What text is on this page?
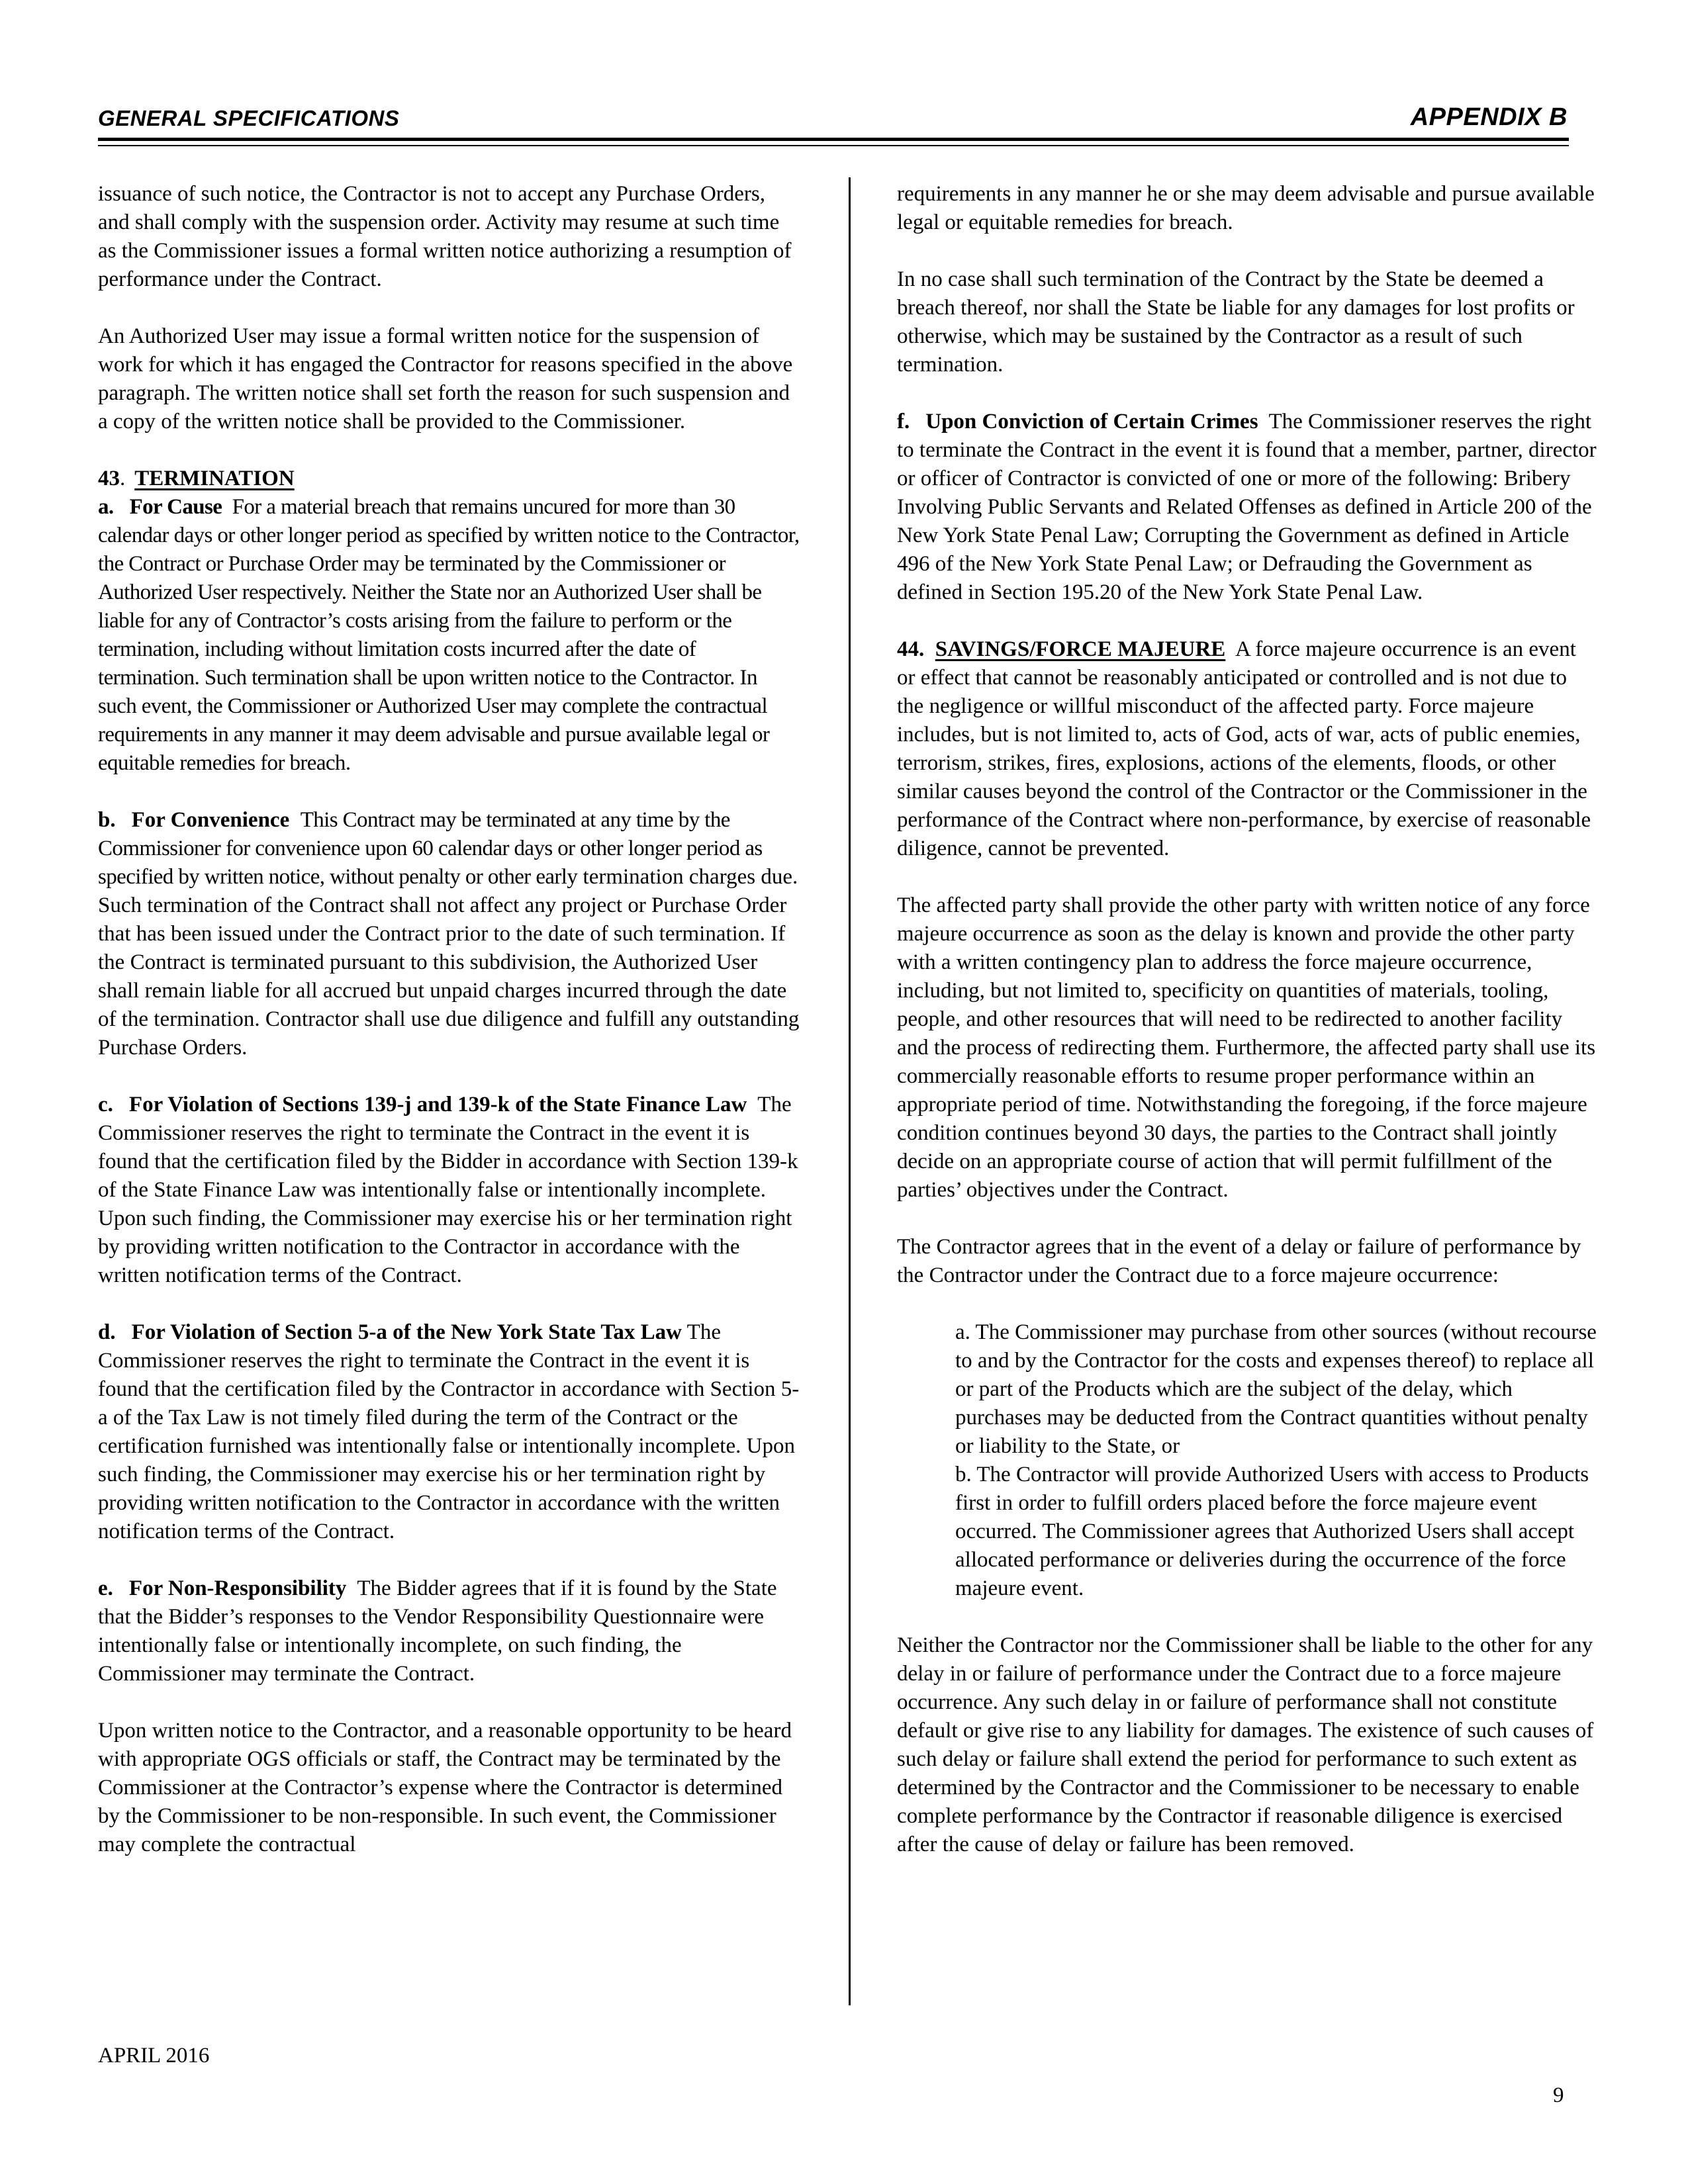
GENERAL SPECIFICATIONS	APPENDIX B

issuance of such notice, the Contractor is not to accept any Purchase Orders, and shall comply with the suspension order. Activity may resume at such time as the Commissioner issues a formal written notice authorizing a resumption of performance under the Contract.

An Authorized User may issue a formal written notice for the suspension of work for which it has engaged the Contractor for reasons specified in the above paragraph. The written notice shall set forth the reason for such suspension and a copy of the written notice shall be provided to the Commissioner.

43. TERMINATION

a. For Cause For a material breach that remains uncured for more than 30 calendar days or other longer period as specified by written notice to the Contractor, the Contract or Purchase Order may be terminated by the Commissioner or Authorized User respectively. Neither the State nor an Authorized User shall be liable for any of Contractor’s costs arising from the failure to perform or the termination, including without limitation costs incurred after the date of termination. Such termination shall be upon written notice to the Contractor. In such event, the Commissioner or Authorized User may complete the contractual requirements in any manner it may deem advisable and pursue available legal or equitable remedies for breach.

b. For Convenience This Contract may be terminated at any time by the Commissioner for convenience upon 60 calendar days or other longer period as specified by written notice, without penalty or other early termination charges due. Such termination of the Contract shall not affect any project or Purchase Order that has been issued under the Contract prior to the date of such termination. If the Contract is terminated pursuant to this subdivision, the Authorized User shall remain liable for all accrued but unpaid charges incurred through the date of the termination. Contractor shall use due diligence and fulfill any outstanding Purchase Orders.

c. For Violation of Sections 139-j and 139-k of the State Finance Law The Commissioner reserves the right to terminate the Contract in the event it is found that the certification filed by the Bidder in accordance with Section 139-k of the State Finance Law was intentionally false or intentionally incomplete. Upon such finding, the Commissioner may exercise his or her termination right by providing written notification to the Contractor in accordance with the written notification terms of the Contract.

d. For Violation of Section 5-a of the New York State Tax Law The Commissioner reserves the right to terminate the Contract in the event it is found that the certification filed by the Contractor in accordance with Section 5-a of the Tax Law is not timely filed during the term of the Contract or the certification furnished was intentionally false or intentionally incomplete. Upon such finding, the Commissioner may exercise his or her termination right by providing written notification to the Contractor in accordance with the written notification terms of the Contract.

e. For Non-Responsibility The Bidder agrees that if it is found by the State that the Bidder’s responses to the Vendor Responsibility Questionnaire were intentionally false or intentionally incomplete, on such finding, the Commissioner may terminate the Contract.

Upon written notice to the Contractor, and a reasonable opportunity to be heard with appropriate OGS officials or staff, the Contract may be terminated by the Commissioner at the Contractor’s expense where the Contractor is determined by the Commissioner to be non-responsible. In such event, the Commissioner may complete the contractual

requirements in any manner he or she may deem advisable and pursue available legal or equitable remedies for breach.

In no case shall such termination of the Contract by the State be deemed a breach thereof, nor shall the State be liable for any damages for lost profits or otherwise, which may be sustained by the Contractor as a result of such termination.

f. Upon Conviction of Certain Crimes The Commissioner reserves the right to terminate the Contract in the event it is found that a member, partner, director or officer of Contractor is convicted of one or more of the following: Bribery Involving Public Servants and Related Offenses as defined in Article 200 of the New York State Penal Law; Corrupting the Government as defined in Article 496 of the New York State Penal Law; or Defrauding the Government as defined in Section 195.20 of the New York State Penal Law.

44. SAVINGS/FORCE MAJEURE A force majeure occurrence is an event or effect that cannot be reasonably anticipated or controlled and is not due to the negligence or willful misconduct of the affected party. Force majeure includes, but is not limited to, acts of God, acts of war, acts of public enemies, terrorism, strikes, fires, explosions, actions of the elements, floods, or other similar causes beyond the control of the Contractor or the Commissioner in the performance of the Contract where non-performance, by exercise of reasonable diligence, cannot be prevented.

The affected party shall provide the other party with written notice of any force majeure occurrence as soon as the delay is known and provide the other party with a written contingency plan to address the force majeure occurrence, including, but not limited to, specificity on quantities of materials, tooling, people, and other resources that will need to be redirected to another facility and the process of redirecting them. Furthermore, the affected party shall use its commercially reasonable efforts to resume proper performance within an appropriate period of time. Notwithstanding the foregoing, if the force majeure condition continues beyond 30 days, the parties to the Contract shall jointly decide on an appropriate course of action that will permit fulfillment of the parties’ objectives under the Contract.

The Contractor agrees that in the event of a delay or failure of performance by the Contractor under the Contract due to a force majeure occurrence:

a. The Commissioner may purchase from other sources (without recourse to and by the Contractor for the costs and expenses thereof) to replace all or part of the Products which are the subject of the delay, which purchases may be deducted from the Contract quantities without penalty or liability to the State, or

b. The Contractor will provide Authorized Users with access to Products first in order to fulfill orders placed before the force majeure event occurred. The Commissioner agrees that Authorized Users shall accept allocated performance or deliveries during the occurrence of the force majeure event.

Neither the Contractor nor the Commissioner shall be liable to the other for any delay in or failure of performance under the Contract due to a force majeure occurrence. Any such delay in or failure of performance shall not constitute default or give rise to any liability for damages. The existence of such causes of such delay or failure shall extend the period for performance to such extent as determined by the Contractor and the Commissioner to be necessary to enable complete performance by the Contractor if reasonable diligence is exercised after the cause of delay or failure has been removed.

APRIL 2016
9
